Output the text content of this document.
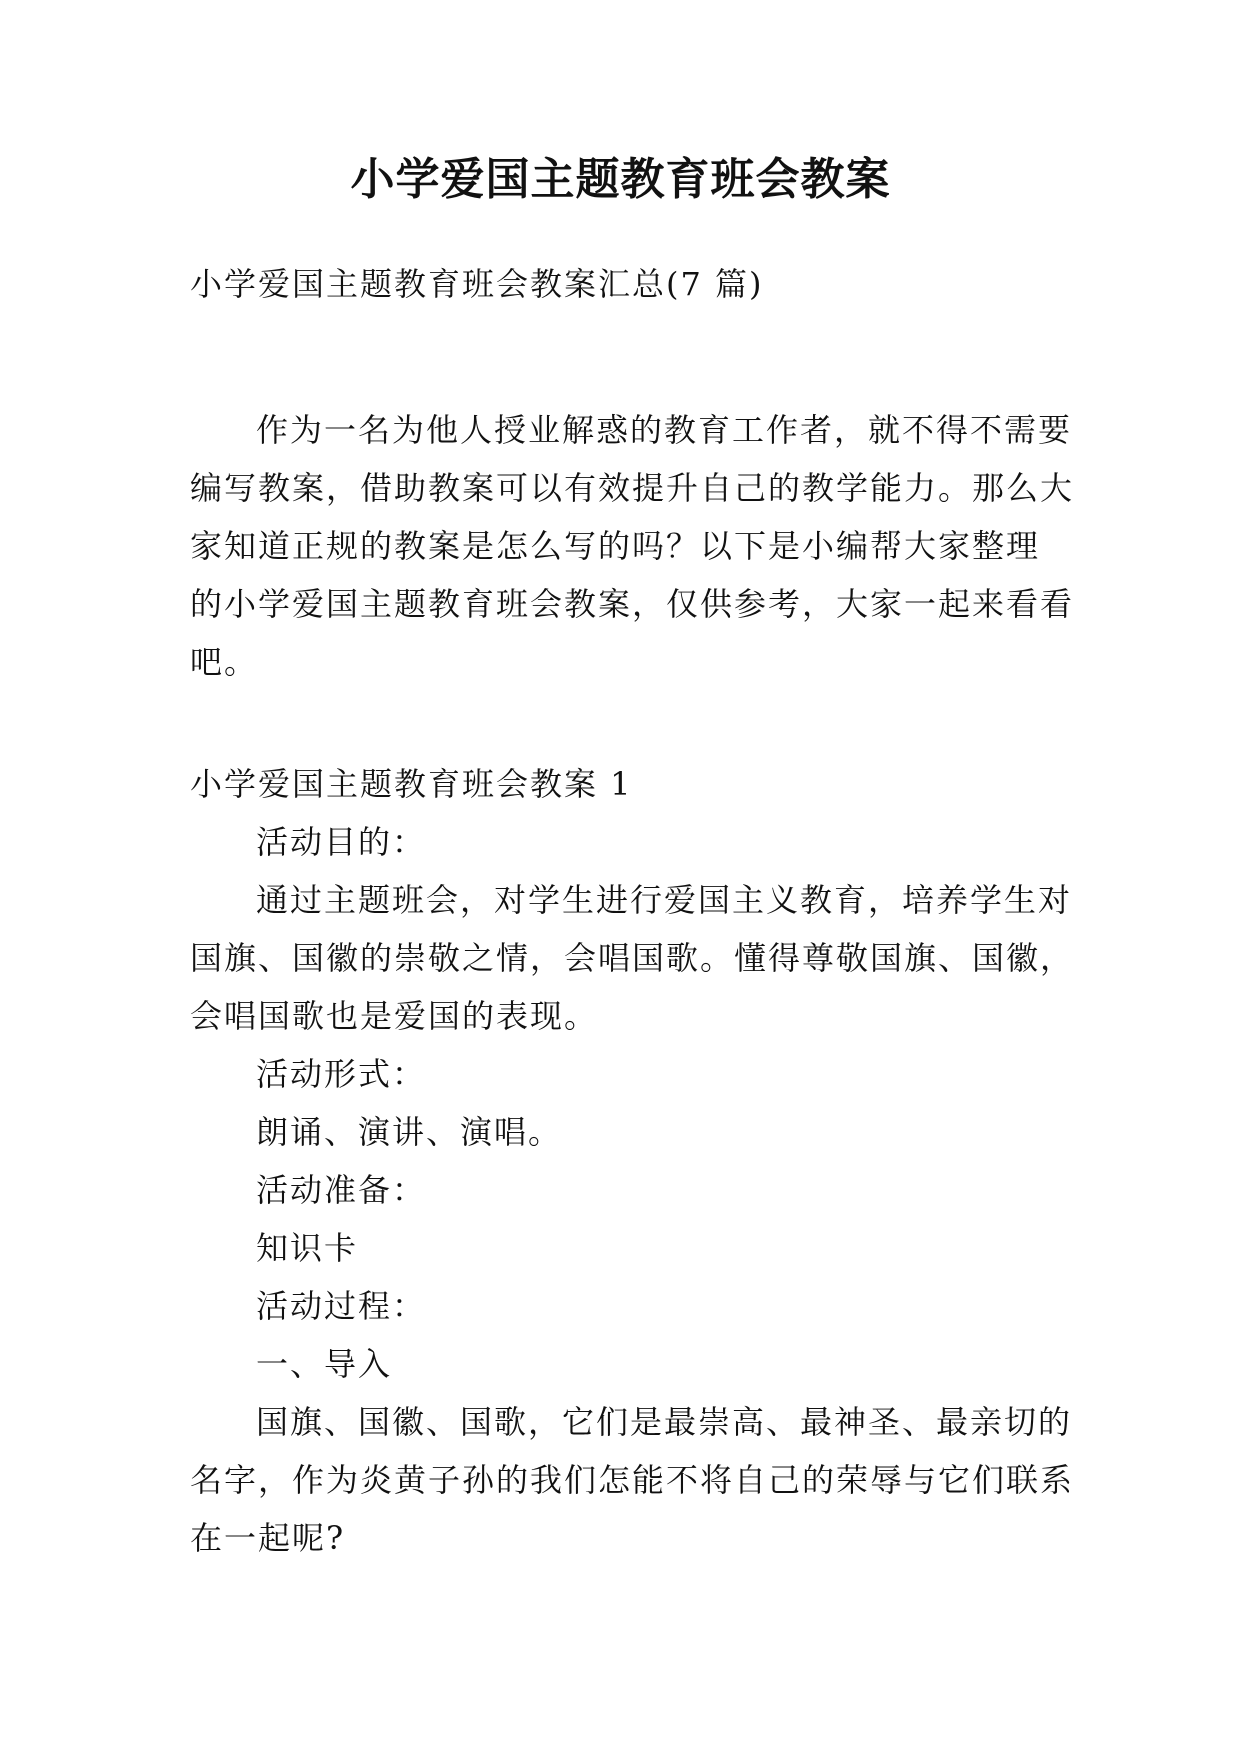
小学爱国主题教育班会教案
小学爱国主题教育班会教案汇总(7 篇)
作为一名为他人授业解惑的教育工作者，就不得不需要
编写教案，借助教案可以有效提升自己的教学能力。那么大
家知道正规的教案是怎么写的吗？以下是小编帮大家整理
的小学爱国主题教育班会教案，仅供参考，大家一起来看看
吧。
小学爱国主题教育班会教案 1
活动目的：
通过主题班会，对学生进行爱国主义教育，培养学生对
国旗、国徽的崇敬之情，会唱国歌。懂得尊敬国旗、国徽，
会唱国歌也是爱国的表现。
活动形式：
朗诵、演讲、演唱。
活动准备：
知识卡
活动过程：
一、导入
国旗、国徽、国歌，它们是最崇高、最神圣、最亲切的
名字，作为炎黄子孙的我们怎能不将自己的荣辱与它们联系
在一起呢?
